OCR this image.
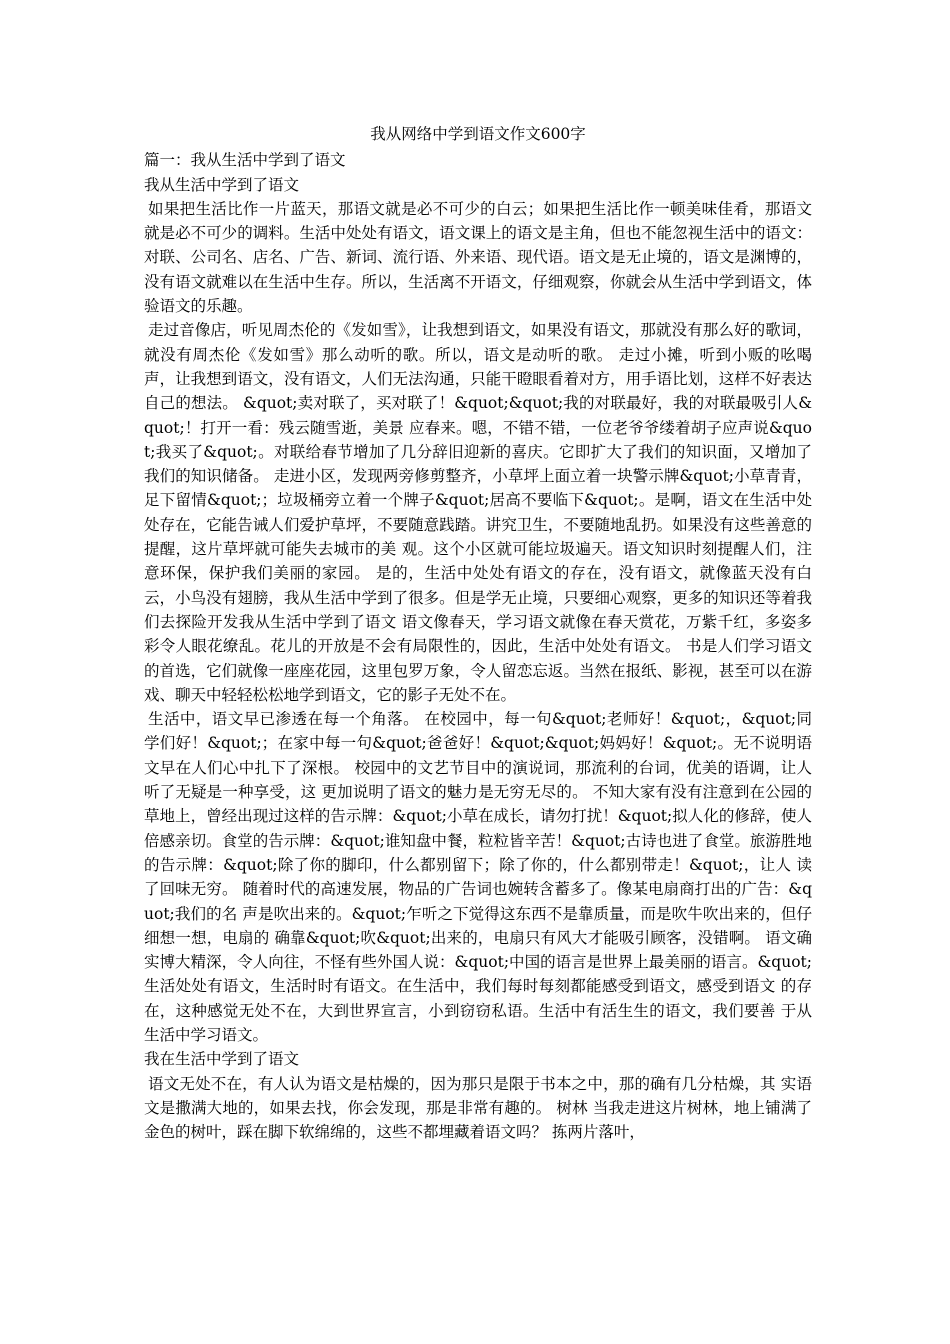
我从网络中学到语文作文600字

篇一：我从生活中学到了语文

我从生活中学到了语文

如果把生活比作一片蓝天，那语文就是必不可少的白云；如果把生活比作一顿美味佳肴，那语文就是必不可少的调料。生活中处处有语文，语文课上的语文是主角，但也不能忽视生活中的语文：对联、公司名、店名、广告、新词、流行语、外来语、现代语。语文是无止境的，语文是渊博的，没有语文就难以在生活中生存。所以，生活离不开语文，仔细观察，你就会从生活中学到语文，体验语文的乐趣。

走过音像店，听见周杰伦的《发如雪》，让我想到语文，如果没有语文，那就没有那么好的歌词，就没有周杰伦《发如雪》那么动听的歌。所以，语文是动听的歌。 走过小摊，听到小贩的吆喝声，让我想到语文，没有语文，人们无法沟通，只能干瞪眼看着对方，用手语比划，这样不好表达自己的想法。 &quot;卖对联了，买对联了！&quot;&quot;我的对联最好，我的对联最吸引人&quot;！打开一看：残云随雪逝，美景 应春来。嗯，不错不错，一位老爷爷缕着胡子应声说&quot;我买了&quot;。对联给春节增加了几分辞旧迎新的喜庆。它即扩大了我们的知识面，又增加了我们的知识储备。 走进小区，发现两旁修剪整齐，小草坪上面立着一块警示牌&quot;小草青青，足下留情&quot;；垃圾桶旁立着一个牌子&quot;居高不要临下&quot;。是啊，语文在生活中处处存在，它能告诫人们爱护草坪，不要随意践踏。讲究卫生，不要随地乱扔。如果没有这些善意的提醒，这片草坪就可能失去城市的美 观。这个小区就可能垃圾遍天。语文知识时刻提醒人们，注意环保，保护我们美丽的家园。 是的，生活中处处有语文的存在，没有语文，就像蓝天没有白云，小鸟没有翅膀，我从生活中学到了很多。但是学无止境，只要细心观察，更多的知识还等着我们去探险开发我从生活中学到了语文 语文像春天，学习语文就像在春天赏花，万紫千红，多姿多彩令人眼花缭乱。花儿的开放是不会有局限性的，因此，生活中处处有语文。 书是人们学习语文的首选，它们就像一座座花园，这里包罗万象，令人留恋忘返。当然在报纸、影视，甚至可以在游戏、聊天中轻轻松松地学到语文，它的影子无处不在。

生活中，语文早已渗透在每一个角落。 在校园中，每一句&quot;老师好！&quot;，&quot;同学们好！&quot;；在家中每一句&quot;爸爸好！&quot;&quot;妈妈好！&quot;。无不说明语文早在人们心中扎下了深根。 校园中的文艺节目中的演说词，那流利的台词，优美的语调，让人听了无疑是一种享受，这 更加说明了语文的魅力是无穷无尽的。 不知大家有没有注意到在公园的草地上，曾经出现过这样的告示牌：&quot;小草在成长，请勿打扰！&quot;拟人化的修辞，使人倍感亲切。食堂的告示牌：&quot;谁知盘中餐，粒粒皆辛苦！&quot;古诗也进了食堂。旅游胜地的告示牌：&quot;除了你的脚印，什么都别留下；除了你的，什么都别带走！&quot;，让人 读了回味无穷。 随着时代的高速发展，物品的广告词也婉转含蓄多了。像某电扇商打出的广告：&quot;我们的名 声是吹出来的。&quot;乍听之下觉得这东西不是靠质量，而是吹牛吹出来的，但仔细想一想，电扇的 确靠&quot;吹&quot;出来的，电扇只有风大才能吸引顾客，没错啊。 语文确实博大精深，令人向往，不怪有些外国人说：&quot;中国的语言是世界上最美丽的语言。&quot; 生活处处有语文，生活时时有语文。在生活中，我们每时每刻都能感受到语文，感受到语文 的存在，这种感觉无处不在，大到世界宣言，小到窃窃私语。生活中有活生生的语文，我们要善 于从生活中学习语文。

我在生活中学到了语文

语文无处不在，有人认为语文是枯燥的，因为那只是限于书本之中，那的确有几分枯燥，其 实语文是撒满大地的，如果去找，你会发现，那是非常有趣的。 树林 当我走进这片树林，地上铺满了金色的树叶，踩在脚下软绵绵的，这些不都埋藏着语文吗？ 拣两片落叶，
